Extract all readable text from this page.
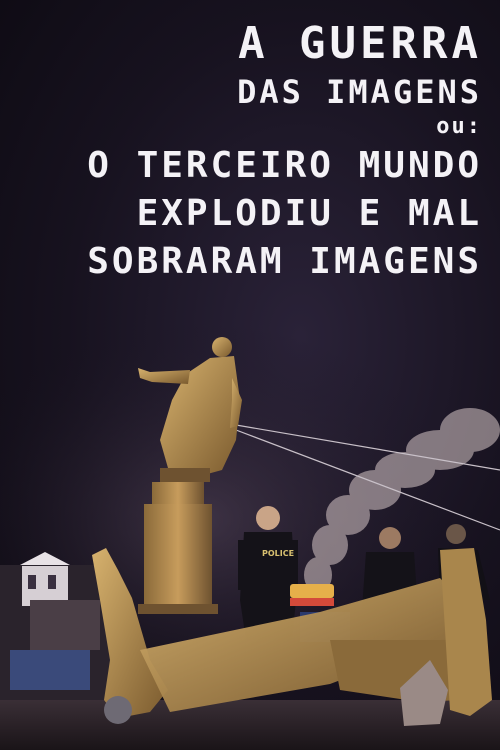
POLICE
A GUERRA
DAS IMAGENS
ou:
O TERCEIRO MUNDO
EXPLODIU E MAL
SOBRARAM IMAGENS
